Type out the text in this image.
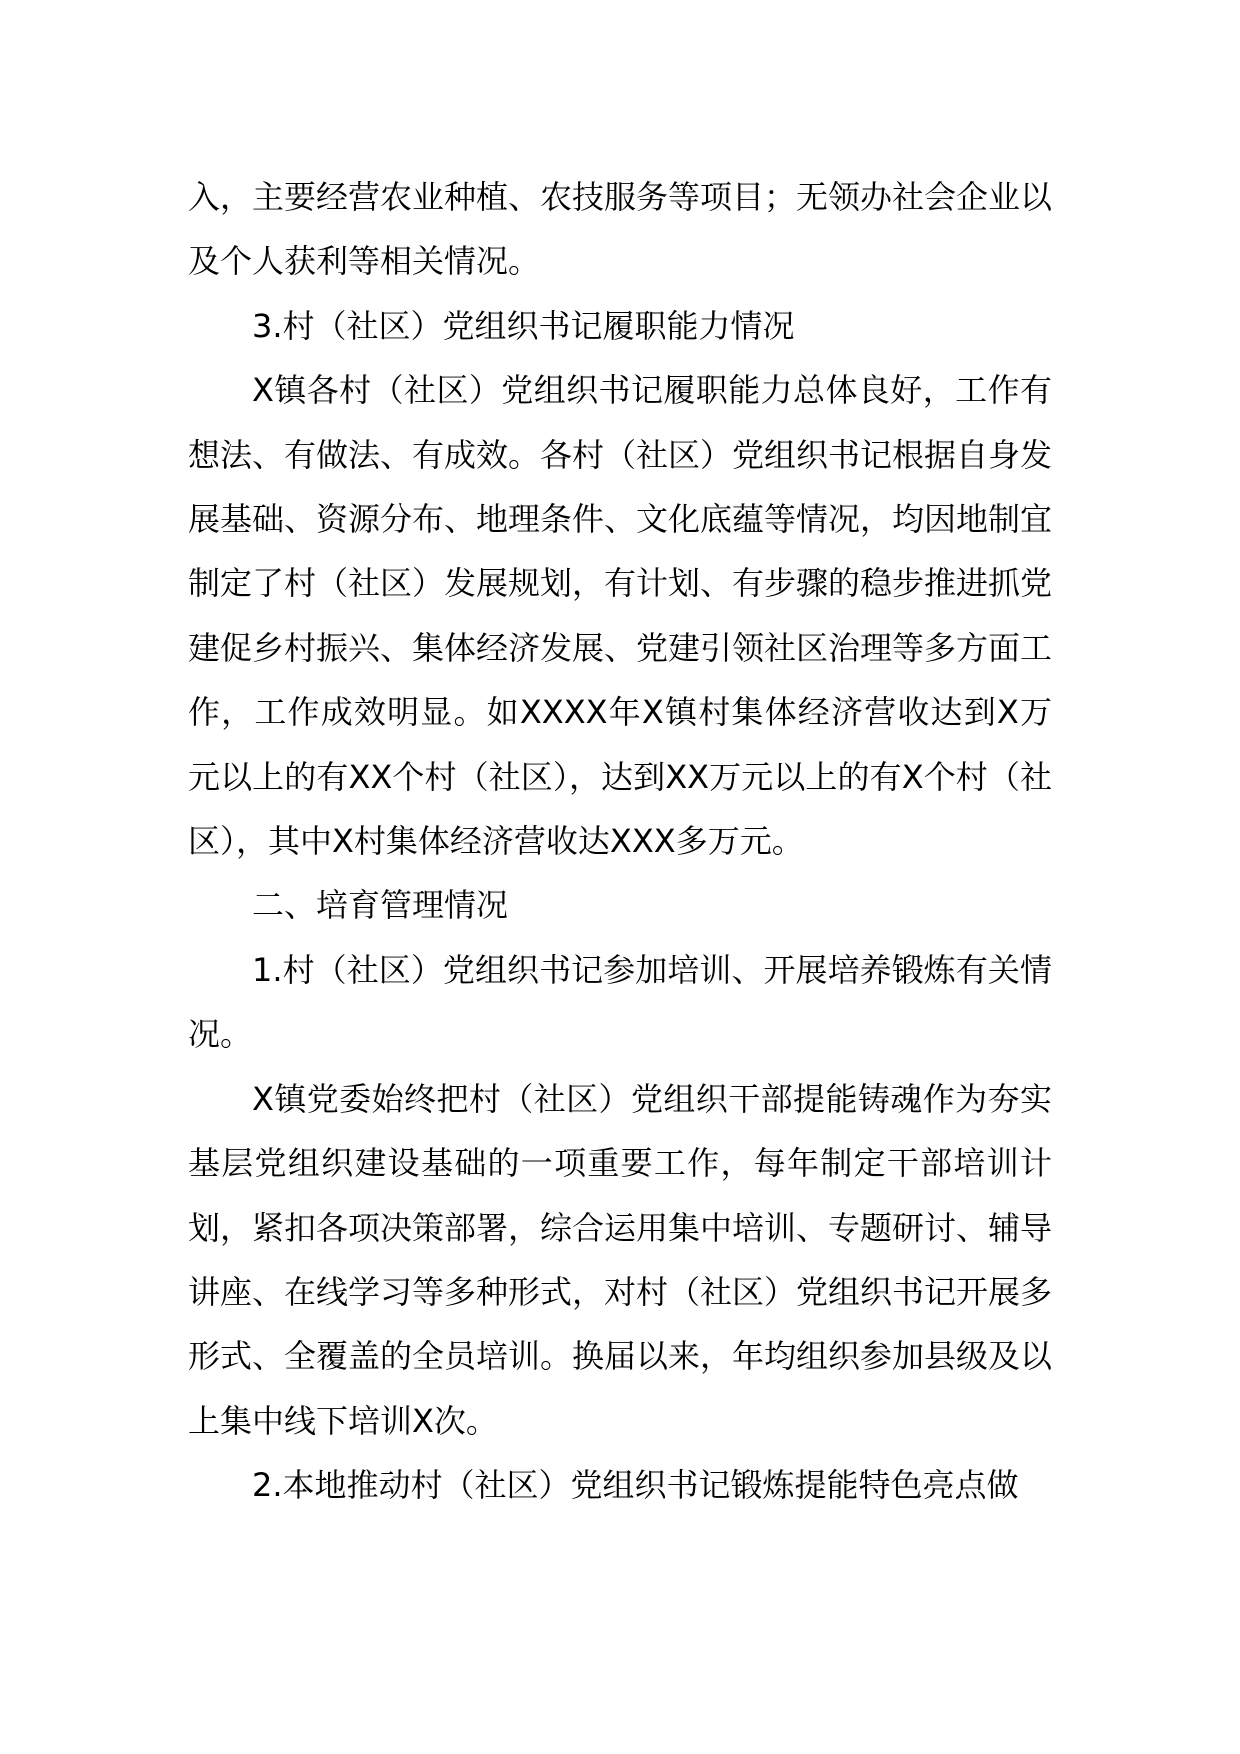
入，主要经营农业种植、农技服务等项目；无领办社会企业以及个人获利等相关情况。

3.村（社区）党组织书记履职能力情况

X镇各村（社区）党组织书记履职能力总体良好，工作有想法、有做法、有成效。各村（社区）党组织书记根据自身发展基础、资源分布、地理条件、文化底蕴等情况，均因地制宜制定了村（社区）发展规划，有计划、有步骤的稳步推进抓党建促乡村振兴、集体经济发展、党建引领社区治理等多方面工作，工作成效明显。如XXXX年X镇村集体经济营收达到X万元以上的有XX个村（社区），达到XX万元以上的有X个村（社区），其中X村集体经济营收达XXX多万元。

二、培育管理情况

1.村（社区）党组织书记参加培训、开展培养锻炼有关情况。

X镇党委始终把村（社区）党组织干部提能铸魂作为夯实基层党组织建设基础的一项重要工作，每年制定干部培训计划，紧扣各项决策部署，综合运用集中培训、专题研讨、辅导讲座、在线学习等多种形式，对村（社区）党组织书记开展多形式、全覆盖的全员培训。换届以来，年均组织参加县级及以上集中线下培训X次。

2.本地推动村（社区）党组织书记锻炼提能特色亮点做
